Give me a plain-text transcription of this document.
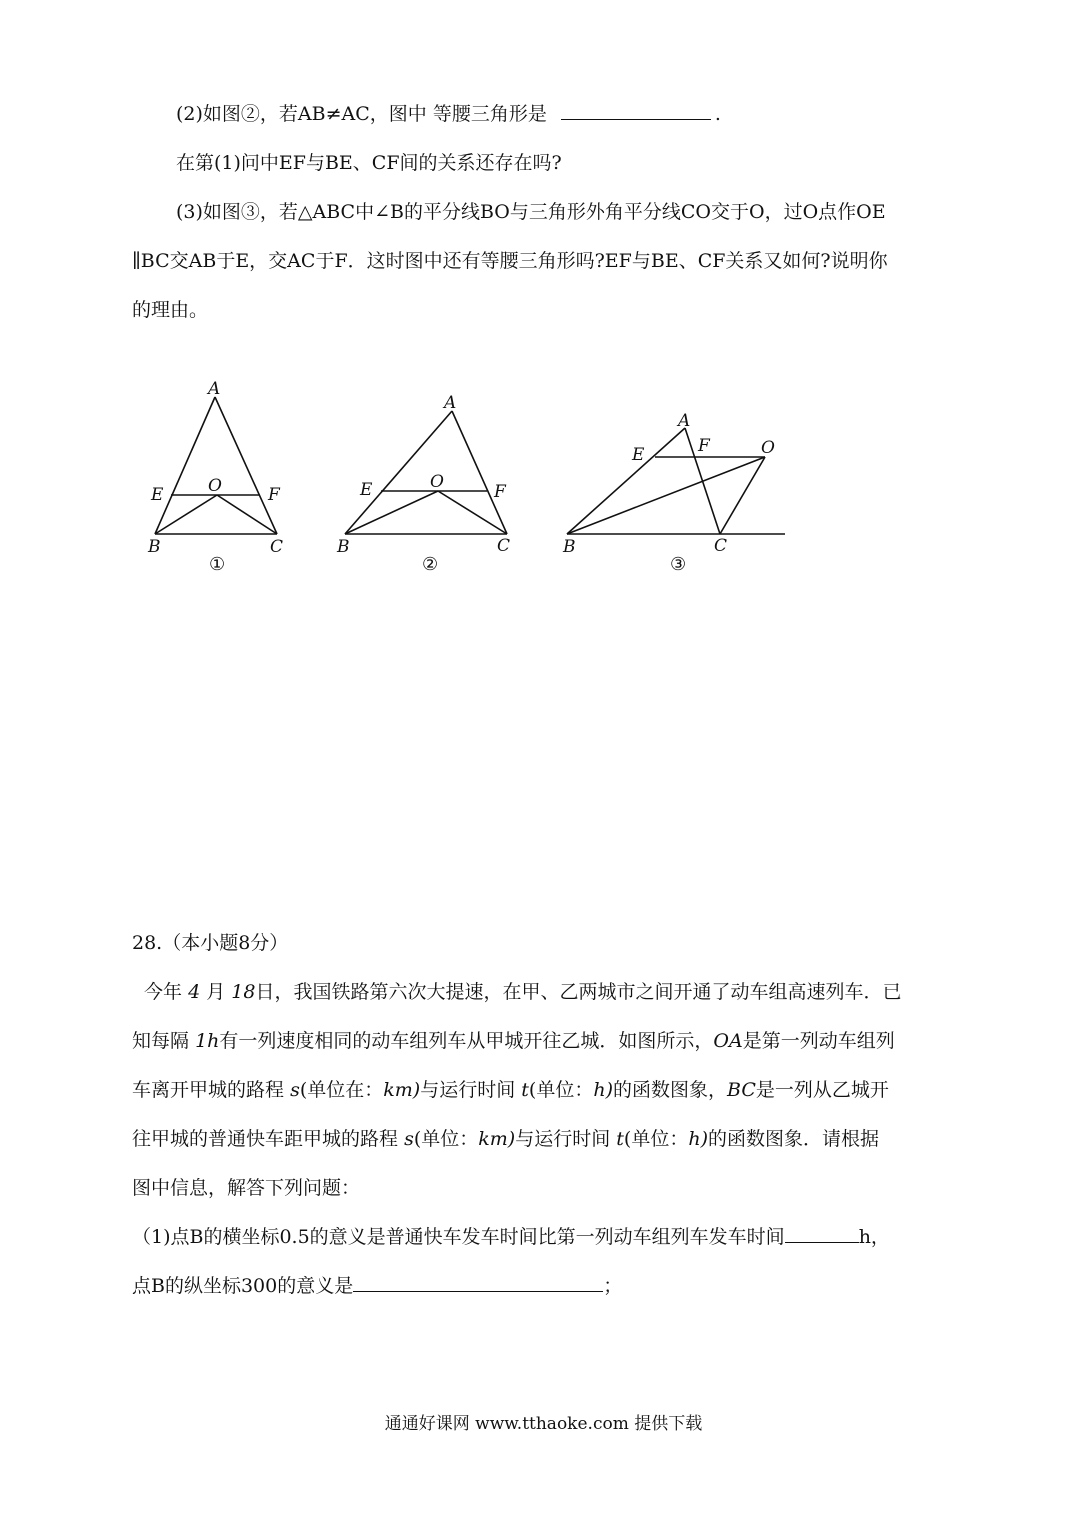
(2)如图②，若AB≠AC，图中 等腰三角形是	.
在第(1)问中EF与BE、CF间的关系还存在吗?
(3)如图③，若△ABC中∠B的平分线BO与三角形外角平分线CO交于O，过O点作OE
∥BC交AB于E，交AC于F．这时图中还有等腰三角形吗?EF与BE、CF关系又如何?说明你
的理由。
A
E	O	F
B	C
①
A
E	O	F
B	C
②
A
E	F	O
B	C
③
28.（本小题8分）
今年 4 月 18日，我国铁路第六次大提速，在甲、乙两城市之间开通了动车组高速列车．已
知每隔 1h有一列速度相同的动车组列车从甲城开往乙城．如图所示，OA是第一列动车组列
车离开甲城的路程 s(单位在：km)与运行时间 t(单位：h)的函数图象，BC是一列从乙城开
往甲城的普通快车距甲城的路程 s(单位：km)与运行时间 t(单位：h)的函数图象．请根据
图中信息，解答下列问题：
（1)点B的横坐标0.5的意义是普通快车发车时间比第一列动车组列车发车时间	h，
点B的纵坐标300的意义是	；
通通好课网 www.tthaoke.com 提供下载
